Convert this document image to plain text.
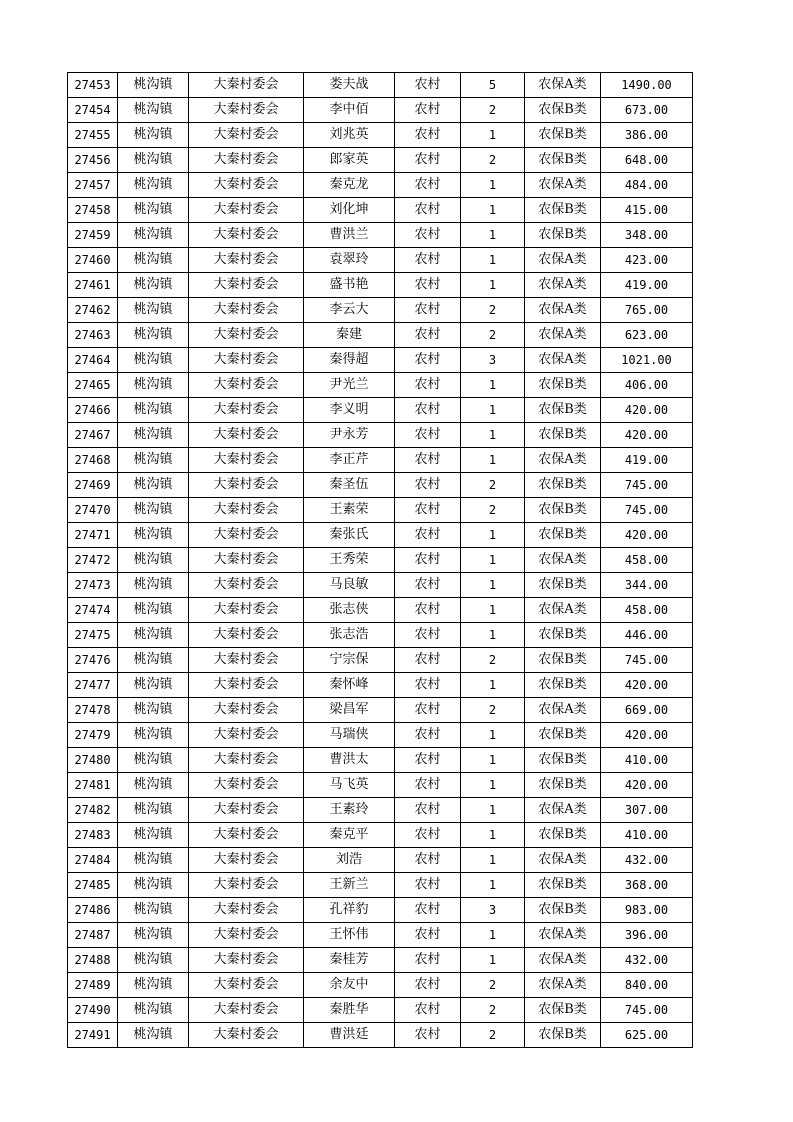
27453	桃沟镇	大秦村委会	娄夫战	农村	5	农保A类	1490.00
27454	桃沟镇	大秦村委会	李中佰	农村	2	农保B类	673.00
27455	桃沟镇	大秦村委会	刘兆英	农村	1	农保B类	386.00
27456	桃沟镇	大秦村委会	郎家英	农村	2	农保B类	648.00
27457	桃沟镇	大秦村委会	秦克龙	农村	1	农保A类	484.00
27458	桃沟镇	大秦村委会	刘化坤	农村	1	农保B类	415.00
27459	桃沟镇	大秦村委会	曹洪兰	农村	1	农保B类	348.00
27460	桃沟镇	大秦村委会	袁翠玲	农村	1	农保A类	423.00
27461	桃沟镇	大秦村委会	盛书艳	农村	1	农保A类	419.00
27462	桃沟镇	大秦村委会	李云大	农村	2	农保A类	765.00
27463	桃沟镇	大秦村委会	秦建	农村	2	农保A类	623.00
27464	桃沟镇	大秦村委会	秦得超	农村	3	农保A类	1021.00
27465	桃沟镇	大秦村委会	尹光兰	农村	1	农保B类	406.00
27466	桃沟镇	大秦村委会	李义明	农村	1	农保B类	420.00
27467	桃沟镇	大秦村委会	尹永芳	农村	1	农保B类	420.00
27468	桃沟镇	大秦村委会	李正芹	农村	1	农保A类	419.00
27469	桃沟镇	大秦村委会	秦圣伍	农村	2	农保B类	745.00
27470	桃沟镇	大秦村委会	王素荣	农村	2	农保B类	745.00
27471	桃沟镇	大秦村委会	秦张氏	农村	1	农保B类	420.00
27472	桃沟镇	大秦村委会	王秀荣	农村	1	农保A类	458.00
27473	桃沟镇	大秦村委会	马良敏	农村	1	农保B类	344.00
27474	桃沟镇	大秦村委会	张志侠	农村	1	农保A类	458.00
27475	桃沟镇	大秦村委会	张志浩	农村	1	农保B类	446.00
27476	桃沟镇	大秦村委会	宁宗保	农村	2	农保B类	745.00
27477	桃沟镇	大秦村委会	秦怀峰	农村	1	农保B类	420.00
27478	桃沟镇	大秦村委会	梁昌军	农村	2	农保A类	669.00
27479	桃沟镇	大秦村委会	马瑞侠	农村	1	农保B类	420.00
27480	桃沟镇	大秦村委会	曹洪太	农村	1	农保B类	410.00
27481	桃沟镇	大秦村委会	马飞英	农村	1	农保B类	420.00
27482	桃沟镇	大秦村委会	王素玲	农村	1	农保A类	307.00
27483	桃沟镇	大秦村委会	秦克平	农村	1	农保B类	410.00
27484	桃沟镇	大秦村委会	刘浩	农村	1	农保A类	432.00
27485	桃沟镇	大秦村委会	王新兰	农村	1	农保B类	368.00
27486	桃沟镇	大秦村委会	孔祥豹	农村	3	农保B类	983.00
27487	桃沟镇	大秦村委会	王怀伟	农村	1	农保A类	396.00
27488	桃沟镇	大秦村委会	秦桂芳	农村	1	农保A类	432.00
27489	桃沟镇	大秦村委会	余友中	农村	2	农保A类	840.00
27490	桃沟镇	大秦村委会	秦胜华	农村	2	农保B类	745.00
27491	桃沟镇	大秦村委会	曹洪廷	农村	2	农保B类	625.00
